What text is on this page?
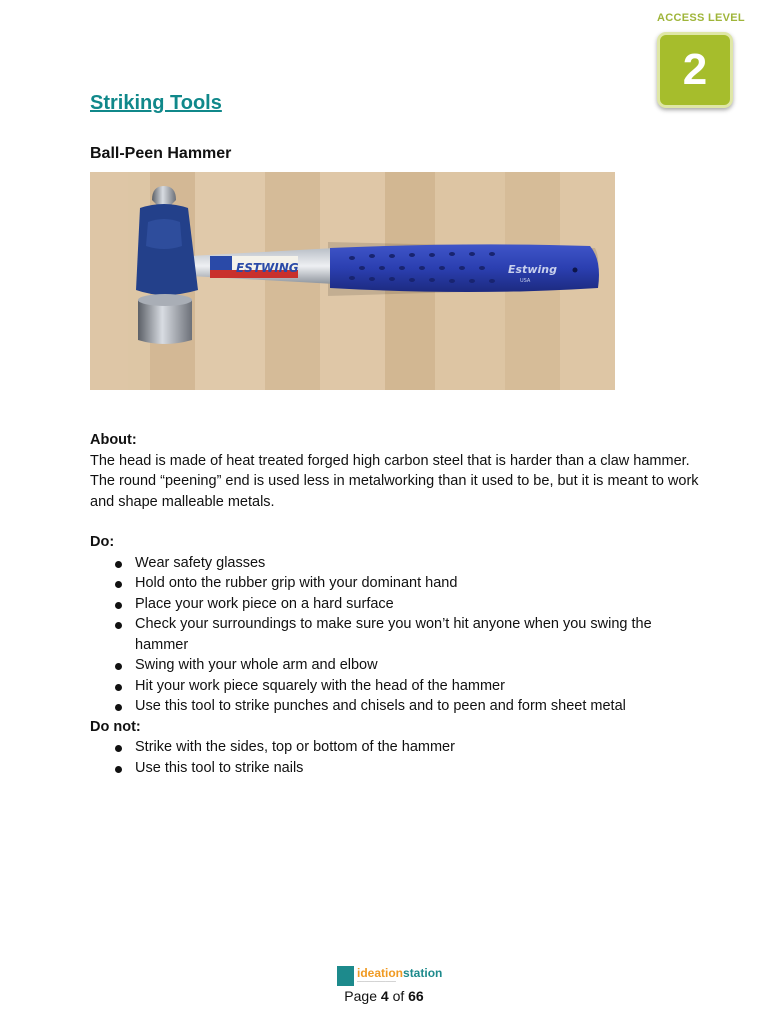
ACCESS LEVEL
2
Striking Tools
Ball-Peen Hammer
ESTWING	Estwing
USA
About:
The head is made of heat treated forged high carbon steel that is harder than a claw hammer. The round “peening” end is used less in metalworking than it used to be, but it is meant to work and shape malleable metals.
Do:
Wear safety glasses
Hold onto the rubber grip with your dominant hand
Place your work piece on a hard surface
Check your surroundings to make sure you won’t hit anyone when you swing the hammer
Swing with your whole arm and elbow
Hit your work piece squarely with the head of the hammer
Use this tool to strike punches and chisels and to peen and form sheet metal
Do not:
Strike with the sides, top or bottom of the hammer
Use this tool to strike nails
ideationstation
───────────
Page 4 of 66
